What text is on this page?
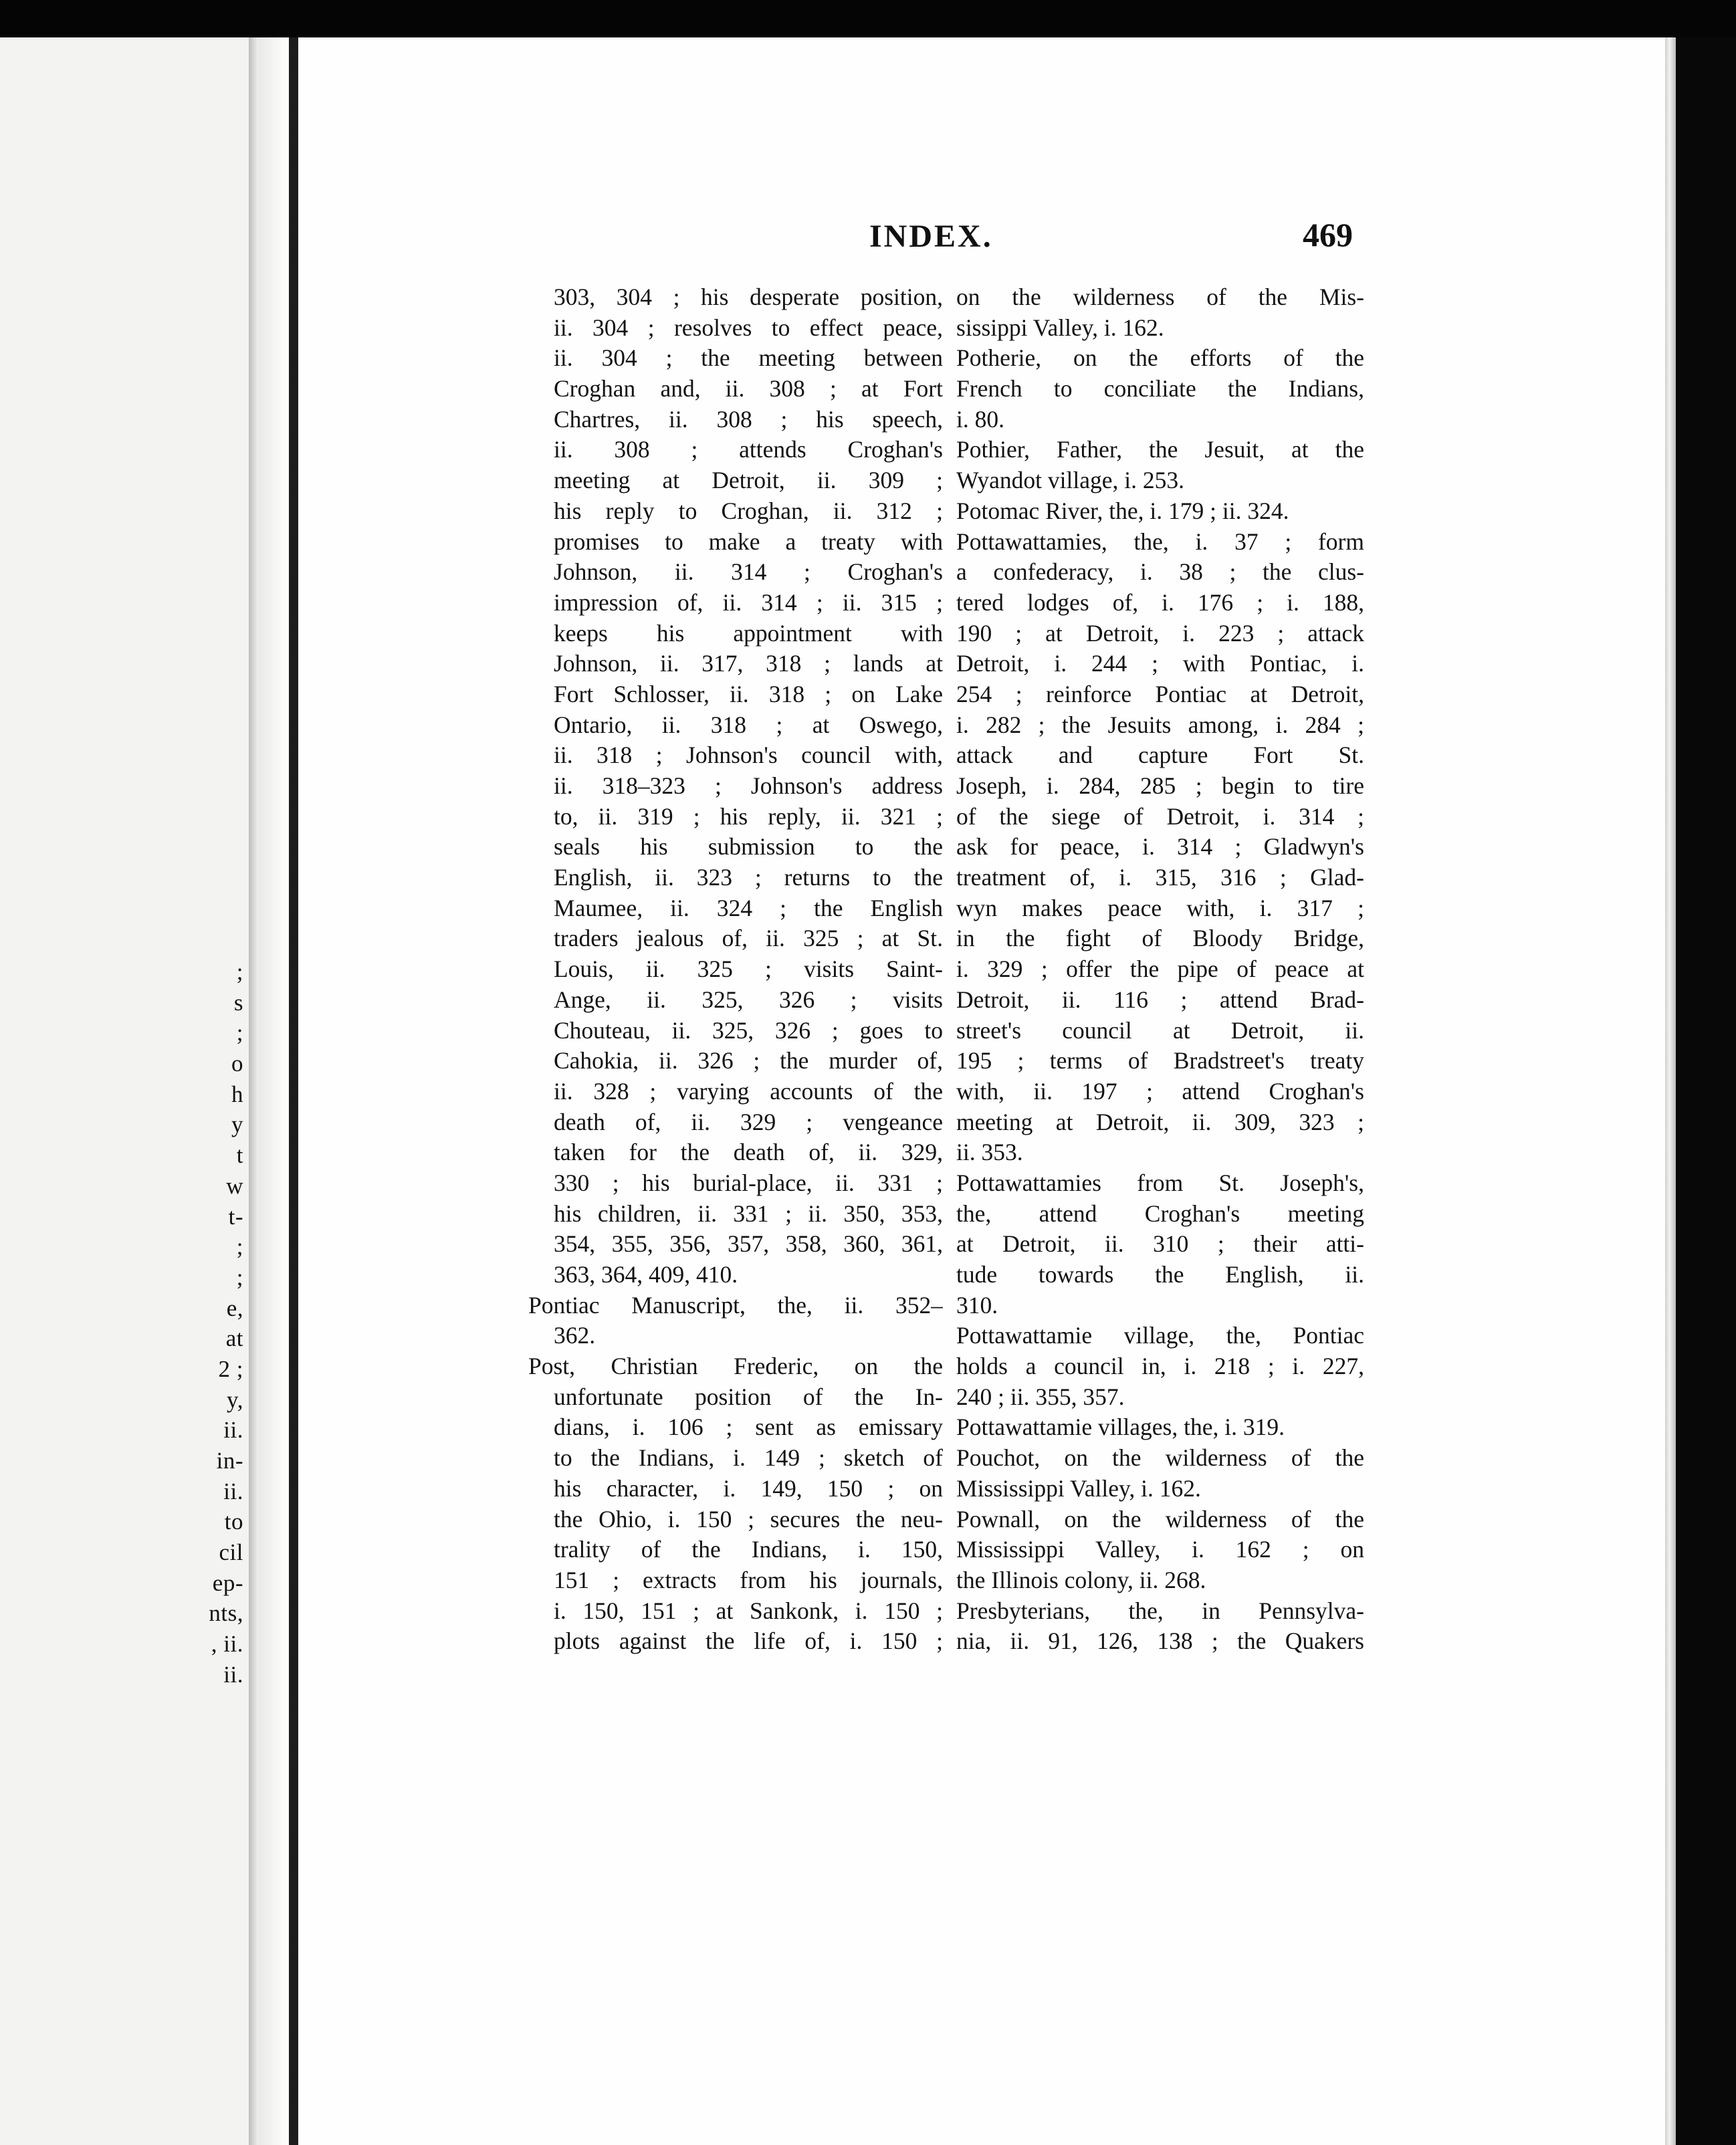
;
s
;
o
h
y
t
w
t-
;
;
e,
at
2 ;
y,
ii.
in-
ii.
to
cil
ep-
nts,
, ii.
ii.
INDEX.	469
303, 304 ; his desperate position,
ii. 304 ; resolves to effect peace,
ii. 304 ; the meeting between
Croghan and, ii. 308 ; at Fort
Chartres, ii. 308 ; his speech,
ii. 308 ; attends Croghan's
meeting at Detroit, ii. 309 ;
his reply to Croghan, ii. 312 ;
promises to make a treaty with
Johnson, ii. 314 ; Croghan's
impression of, ii. 314 ; ii. 315 ;
keeps his appointment with
Johnson, ii. 317, 318 ; lands at
Fort Schlosser, ii. 318 ; on Lake
Ontario, ii. 318 ; at Oswego,
ii. 318 ; Johnson's council with,
ii. 318–323 ; Johnson's address
to, ii. 319 ; his reply, ii. 321 ;
seals his submission to the
English, ii. 323 ; returns to the
Maumee, ii. 324 ; the English
traders jealous of, ii. 325 ; at St.
Louis, ii. 325 ; visits Saint-
Ange, ii. 325, 326 ; visits
Chouteau, ii. 325, 326 ; goes to
Cahokia, ii. 326 ; the murder of,
ii. 328 ; varying accounts of the
death of, ii. 329 ; vengeance
taken for the death of, ii. 329,
330 ; his burial-place, ii. 331 ;
his children, ii. 331 ; ii. 350, 353,
354, 355, 356, 357, 358, 360, 361,
363, 364, 409, 410.
Pontiac Manuscript, the, ii. 352–
362.
Post, Christian Frederic, on the
unfortunate position of the In-
dians, i. 106 ; sent as emissary
to the Indians, i. 149 ; sketch of
his character, i. 149, 150 ; on
the Ohio, i. 150 ; secures the neu-
trality of the Indians, i. 150,
151 ; extracts from his journals,
i. 150, 151 ; at Sankonk, i. 150 ;
plots against the life of, i. 150 ;
on the wilderness of the Mis-
sissippi Valley, i. 162.
Potherie, on the efforts of the
French to conciliate the Indians,
i. 80.
Pothier, Father, the Jesuit, at the
Wyandot village, i. 253.
Potomac River, the, i. 179 ; ii. 324.
Pottawattamies, the, i. 37 ; form
a confederacy, i. 38 ; the clus-
tered lodges of, i. 176 ; i. 188,
190 ; at Detroit, i. 223 ; attack
Detroit, i. 244 ; with Pontiac, i.
254 ; reinforce Pontiac at Detroit,
i. 282 ; the Jesuits among, i. 284 ;
attack and capture Fort St.
Joseph, i. 284, 285 ; begin to tire
of the siege of Detroit, i. 314 ;
ask for peace, i. 314 ; Gladwyn's
treatment of, i. 315, 316 ; Glad-
wyn makes peace with, i. 317 ;
in the fight of Bloody Bridge,
i. 329 ; offer the pipe of peace at
Detroit, ii. 116 ; attend Brad-
street's council at Detroit, ii.
195 ; terms of Bradstreet's treaty
with, ii. 197 ; attend Croghan's
meeting at Detroit, ii. 309, 323 ;
ii. 353.
Pottawattamies from St. Joseph's,
the, attend Croghan's meeting
at Detroit, ii. 310 ; their atti-
tude towards the English, ii.
310.
Pottawattamie village, the, Pontiac
holds a council in, i. 218 ; i. 227,
240 ; ii. 355, 357.
Pottawattamie villages, the, i. 319.
Pouchot, on the wilderness of the
Mississippi Valley, i. 162.
Pownall, on the wilderness of the
Mississippi Valley, i. 162 ; on
the Illinois colony, ii. 268.
Presbyterians, the, in Pennsylva-
nia, ii. 91, 126, 138 ; the Quakers
